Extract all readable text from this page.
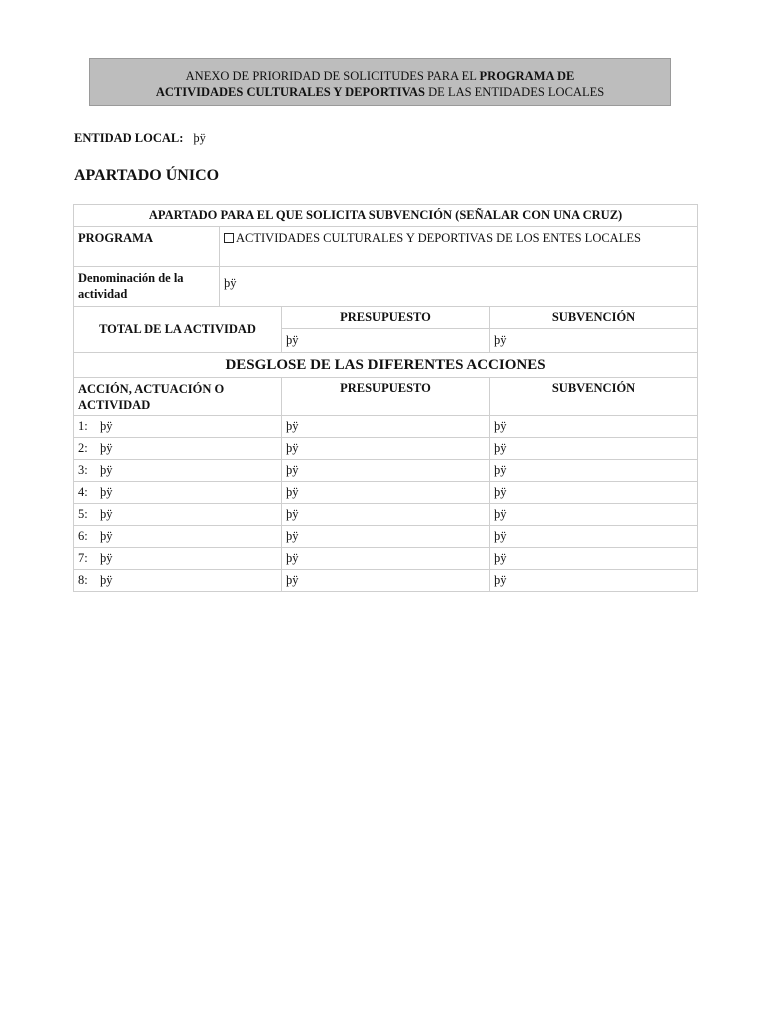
ANEXO DE PRIORIDAD DE SOLICITUDES PARA EL PROGRAMA DE
ACTIVIDADES CULTURALES Y DEPORTIVAS DE LAS ENTIDADES LOCALES
ENTIDAD LOCAL: þÿ
APARTADO ÚNICO
APARTADO PARA EL QUE SOLICITA SUBVENCIÓN (SEÑALAR CON UNA CRUZ)			
PROGRAMA	ACTIVIDADES CULTURALES Y DEPORTIVAS DE LOS ENTES LOCALES		
Denominación de la actividad	þÿ		
TOTAL DE LA ACTIVIDAD		PRESUPUESTO	SUBVENCIÓN
		þÿ	þÿ
DESGLOSE DE LAS DIFERENTES ACCIONES			
ACCIÓN, ACTUACIÓN O ACTIVIDAD		PRESUPUESTO	SUBVENCIÓN
1: þÿ		þÿ	þÿ
2: þÿ		þÿ	þÿ
3: þÿ		þÿ	þÿ
4: þÿ		þÿ	þÿ
5: þÿ		þÿ	þÿ
6: þÿ		þÿ	þÿ
7: þÿ		þÿ	þÿ
8: þÿ		þÿ	þÿ
